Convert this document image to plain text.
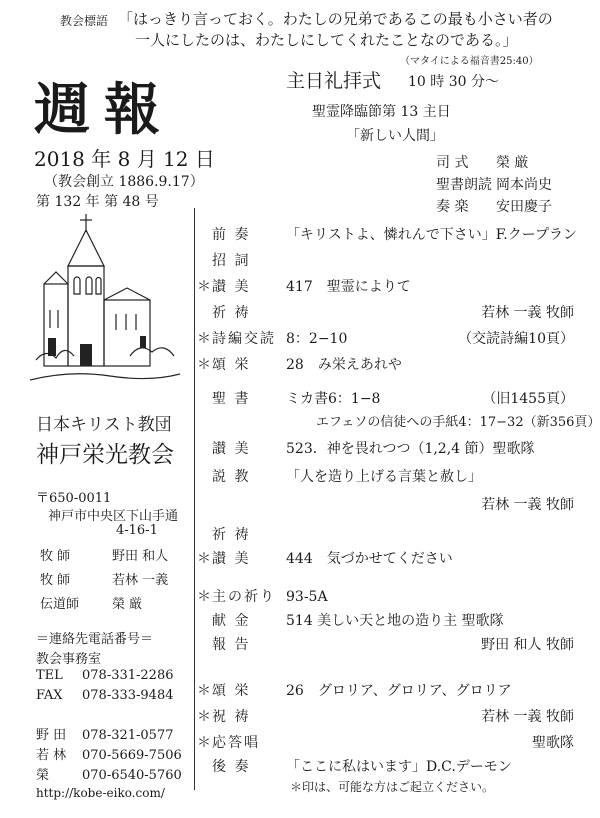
教会標語 「はっきり言っておく。わたしの兄弟であるこの最も小さい者の
一人にしたのは、わたしにしてくれたことなのである。」
（マタイによる福音書25:40）
週報
2018 年 8 月 12 日
（教会創立 1886.9.17）
第 132 年 第 48 号
主日礼拝式 10 時 30 分〜
聖霊降臨節第 13 主日
「新しい人間」
司 式 榮 厳
聖書朗読 岡本尚史
奏 楽 安田慶子
日本キリスト教団
神戸栄光教会
〒650-0011
神戸市中央区下山手通
4-16-1
牧 師	野田 和人
牧 師	若林 一義
伝道師	榮 厳
＝連絡先電話番号＝
教会事務室
TEL 078-331-2286
FAX 078-333-9484
野 田 078-321-0577
若 林 070-5669-7506
榮	070-6540-5760
http://kobe-eiko.com/
前 奏	「キリストよ、憐れんで下さい」F.クープラン
招 詞
＊讃 美	417　聖霊によりて
祈 祷	若林 一義 牧師
＊詩編交読 8：2−10	（交読詩編10頁）
＊頌 栄	28　み栄えあれや
聖 書	ミカ書6：1−8	（旧1455頁）
エフェソの信徒への手紙4：17−32（新356頁）
讃 美	523．神を畏れつつ（1,2,4 節）聖歌隊
説 教	「人を造り上げる言葉と赦し」
若林 一義 牧師
祈 祷
＊讃 美	444　気づかせてください
＊主の祈り 93-5A
献 金	514 美しい天と地の造り主 聖歌隊
報 告	野田 和人 牧師
＊頌 栄	26　グロリア、グロリア、グロリア
＊祝 祷	若林 一義 牧師
＊応答唱	聖歌隊
後 奏	「ここに私はいます」D.C.デーモン
＊印は、可能な方はご起立ください。
